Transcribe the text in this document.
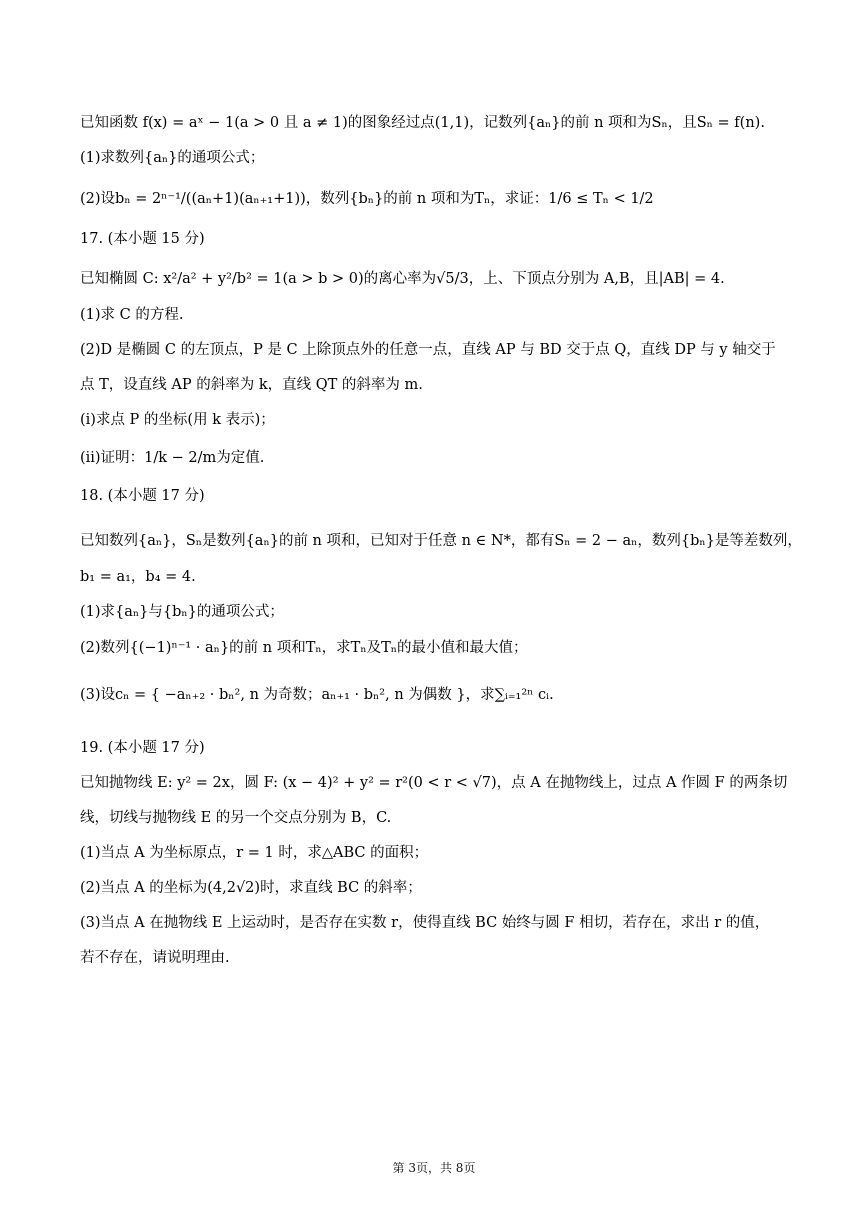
已知函数 f(x) = aˣ − 1(a > 0 且 a ≠ 1)的图象经过点(1,1)，记数列{aₙ}的前 n 项和为Sₙ，且Sₙ = f(n).
(1)求数列{aₙ}的通项公式；
(2)设bₙ = 2ⁿ⁻¹/((aₙ+1)(aₙ₊₁+1))，数列{bₙ}的前 n 项和为Tₙ，求证：1/6 ≤ Tₙ < 1/2
17. (本小题 15 分)
已知椭圆 C: x²/a² + y²/b² = 1(a > b > 0)的离心率为√5/3，上、下顶点分别为 A,B，且|AB| = 4.
(1)求 C 的方程.
(2)D 是椭圆 C 的左顶点，P 是 C 上除顶点外的任意一点，直线 AP 与 BD 交于点 Q，直线 DP 与 y 轴交于
点 T，设直线 AP 的斜率为 k，直线 QT 的斜率为 m.
(i)求点 P 的坐标(用 k 表示)；
(ii)证明：1/k − 2/m为定值.
18. (本小题 17 分)
已知数列{aₙ}，Sₙ是数列{aₙ}的前 n 项和，已知对于任意 n ∈ N*，都有Sₙ = 2 − aₙ，数列{bₙ}是等差数列，
b₁ = a₁，b₄ = 4.
(1)求{aₙ}与{bₙ}的通项公式；
(2)数列{(−1)ⁿ⁻¹ · aₙ}的前 n 项和Tₙ，求Tₙ及Tₙ的最小值和最大值；
(3)设cₙ = { −aₙ₊₂ · bₙ², n 为奇数；aₙ₊₁ · bₙ², n 为偶数 }，求∑ᵢ₌₁²ⁿ cᵢ.
19. (本小题 17 分)
已知抛物线 E: y² = 2x，圆 F: (x − 4)² + y² = r²(0 < r < √7)，点 A 在抛物线上，过点 A 作圆 F 的两条切
线，切线与抛物线 E 的另一个交点分别为 B，C.
(1)当点 A 为坐标原点，r = 1 时，求△ABC 的面积；
(2)当点 A 的坐标为(4,2√2)时，求直线 BC 的斜率；
(3)当点 A 在抛物线 E 上运动时，是否存在实数 r，使得直线 BC 始终与圆 F 相切，若存在，求出 r 的值，
若不存在，请说明理由.
第 3页，共 8页
